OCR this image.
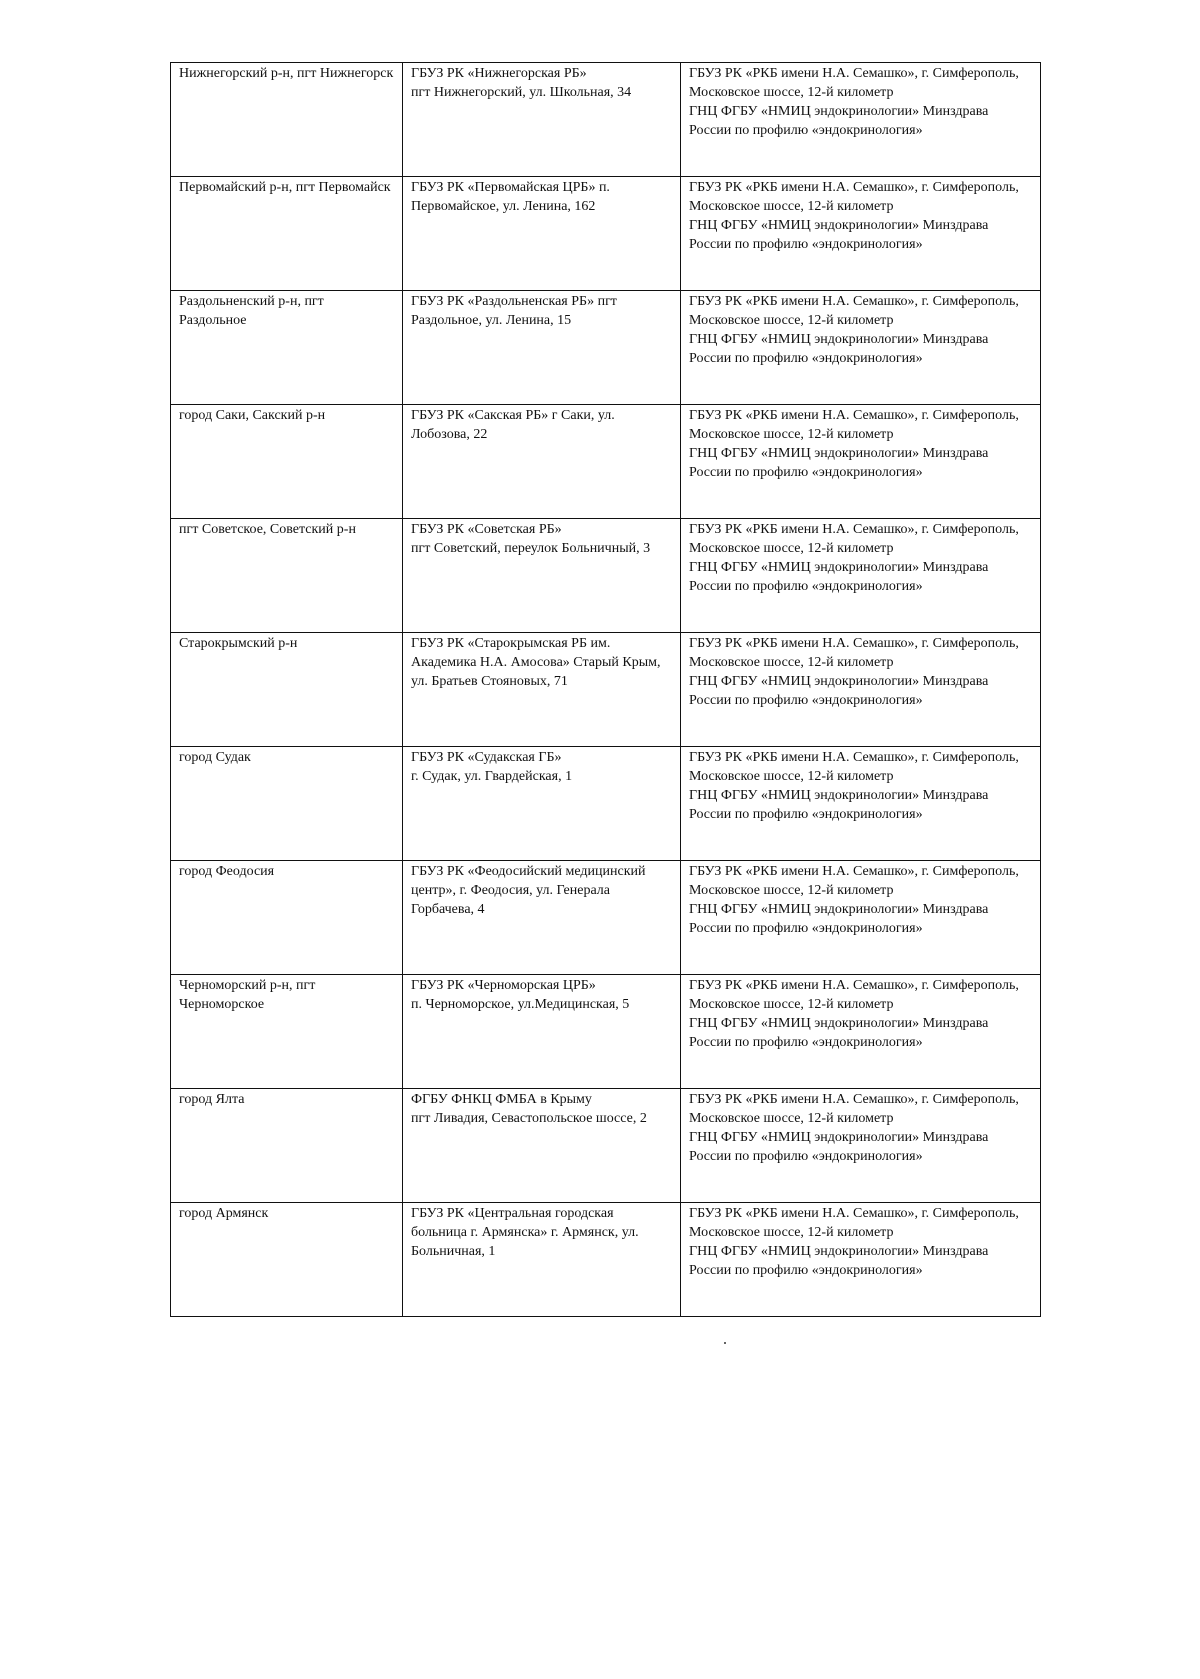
Нижнегорский р-н, пгт Нижнегорск	ГБУЗ РК «Нижнегорская РБ»
пгт Нижнегорский, ул. Школьная, 34	ГБУЗ РК «РКБ имени Н.А. Семашко», г. Симферополь, Московское шоссе, 12-й километр
ГНЦ ФГБУ «НМИЦ эндокринологии» Минздрава России по профилю «эндокринология»

Первомайский р-н, пгт Первомайск	ГБУЗ РК «Первомайская ЦРБ» п. Первомайское, ул. Ленина, 162	ГБУЗ РК «РКБ имени Н.А. Семашко», г. Симферополь, Московское шоссе, 12-й километр
ГНЦ ФГБУ «НМИЦ эндокринологии» Минздрава России по профилю «эндокринология»

Раздольненский р-н, пгт Раздольное	ГБУЗ РК «Раздольненская РБ» пгт Раздольное, ул. Ленина, 15	ГБУЗ РК «РКБ имени Н.А. Семашко», г. Симферополь, Московское шоссе, 12-й километр
ГНЦ ФГБУ «НМИЦ эндокринологии» Минздрава России по профилю «эндокринология»

город Саки, Сакский р-н	ГБУЗ РК «Сакская РБ» г Саки, ул. Лобозова, 22	ГБУЗ РК «РКБ имени Н.А. Семашко», г. Симферополь, Московское шоссе, 12-й километр
ГНЦ ФГБУ «НМИЦ эндокринологии» Минздрава России по профилю «эндокринология»

пгт Советское, Советский р-н	ГБУЗ РК «Советская РБ»
пгт Советский, переулок Больничный, 3	ГБУЗ РК «РКБ имени Н.А. Семашко», г. Симферополь, Московское шоссе, 12-й километр
ГНЦ ФГБУ «НМИЦ эндокринологии» Минздрава России по профилю «эндокринология»

Старокрымский р-н	ГБУЗ РК «Старокрымская РБ им. Академика Н.А. Амосова» Старый Крым, ул. Братьев Стояновых, 71	ГБУЗ РК «РКБ имени Н.А. Семашко», г. Симферополь, Московское шоссе, 12-й километр
ГНЦ ФГБУ «НМИЦ эндокринологии» Минздрава России по профилю «эндокринология»

город Судак	ГБУЗ РК «Судакская ГБ»
г. Судак, ул. Гвардейская, 1	ГБУЗ РК «РКБ имени Н.А. Семашко», г. Симферополь, Московское шоссе, 12-й километр
ГНЦ ФГБУ «НМИЦ эндокринологии» Минздрава России по профилю «эндокринология»

город Феодосия	ГБУЗ РК «Феодосийский медицинский центр», г. Феодосия, ул. Генерала Горбачева, 4	ГБУЗ РК «РКБ имени Н.А. Семашко», г. Симферополь, Московское шоссе, 12-й километр
ГНЦ ФГБУ «НМИЦ эндокринологии» Минздрава России по профилю «эндокринология»

Черноморский р-н, пгт Черноморское	ГБУЗ РК «Черноморская ЦРБ»
п. Черноморское, ул.Медицинская, 5	ГБУЗ РК «РКБ имени Н.А. Семашко», г. Симферополь, Московское шоссе, 12-й километр
ГНЦ ФГБУ «НМИЦ эндокринологии» Минздрава России по профилю «эндокринология»

город Ялта	ФГБУ ФНКЦ ФМБА в Крыму
пгт Ливадия, Севастопольское шоссе, 2	ГБУЗ РК «РКБ имени Н.А. Семашко», г. Симферополь, Московское шоссе, 12-й километр
ГНЦ ФГБУ «НМИЦ эндокринологии» Минздрава России по профилю «эндокринология»

город Армянск	ГБУЗ РК «Центральная городская больница г. Армянска» г. Армянск, ул. Больничная, 1	ГБУЗ РК «РКБ имени Н.А. Семашко», г. Симферополь, Московское шоссе, 12-й километр
ГНЦ ФГБУ «НМИЦ эндокринологии» Минздрава России по профилю «эндокринология»
